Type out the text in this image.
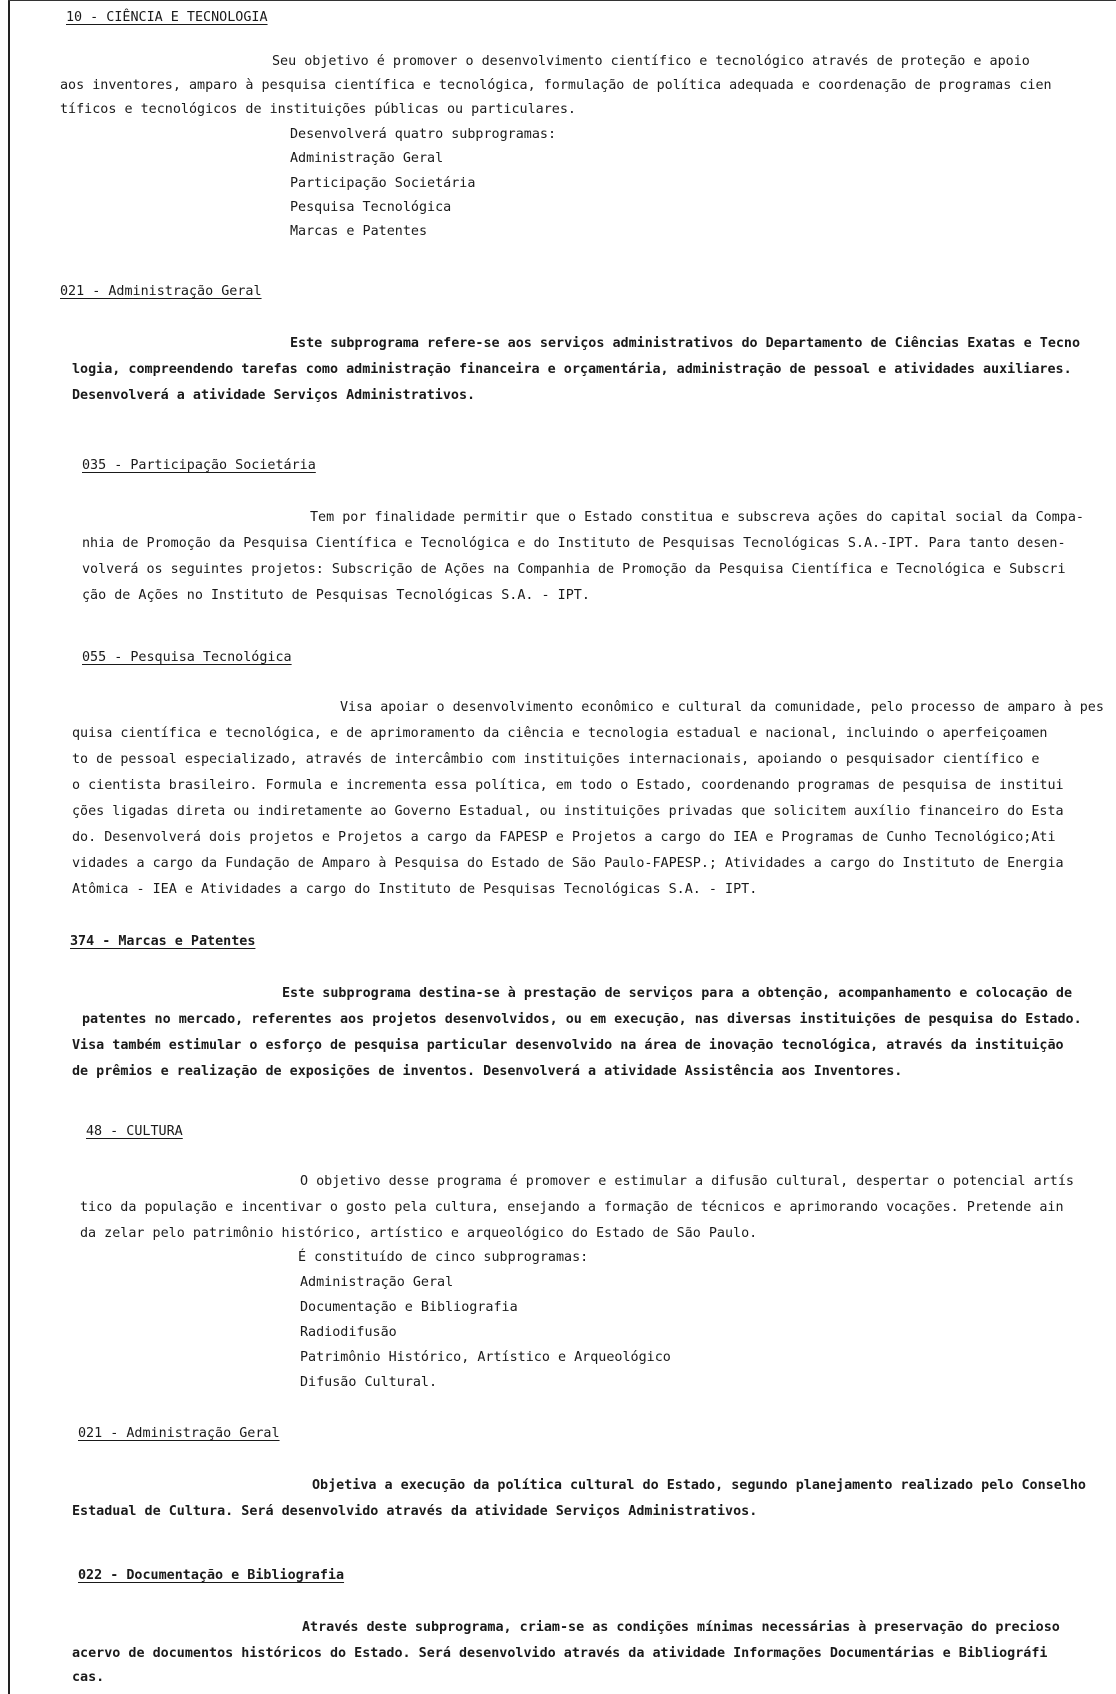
10 - CIÊNCIA E TECNOLOGIA
Seu objetivo é promover o desenvolvimento científico e tecnológico através de proteção e apoio
aos inventores, amparo à pesquisa científica e tecnológica, formulação de política adequada e coordenação de programas cien
tíficos e tecnológicos de instituições públicas ou particulares.
Desenvolverá quatro subprogramas:
Administração Geral
Participação Societária
Pesquisa Tecnológica
Marcas e Patentes
021 - Administração Geral
Este subprograma refere-se aos serviços administrativos do Departamento de Ciências Exatas e Tecno
logia, compreendendo tarefas como administração financeira e orçamentária, administração de pessoal e atividades auxiliares.
Desenvolverá a atividade Serviços Administrativos.
035 - Participação Societária
Tem por finalidade permitir que o Estado constitua e subscreva ações do capital social da Compa-
nhia de Promoção da Pesquisa Científica e Tecnológica e do Instituto de Pesquisas Tecnológicas S.A.-IPT. Para tanto desen-
volverá os seguintes projetos: Subscrição de Ações na Companhia de Promoção da Pesquisa Científica e Tecnológica e Subscri
ção de Ações no Instituto de Pesquisas Tecnológicas S.A. - IPT.
055 - Pesquisa Tecnológica
Visa apoiar o desenvolvimento econômico e cultural da comunidade, pelo processo de amparo à pes
quisa científica e tecnológica, e de aprimoramento da ciência e tecnologia estadual e nacional, incluindo o aperfeiçoamen
to de pessoal especializado, através de intercâmbio com instituições internacionais, apoiando o pesquisador científico e
o cientista brasileiro. Formula e incrementa essa política, em todo o Estado, coordenando programas de pesquisa de institui
ções ligadas direta ou indiretamente ao Governo Estadual, ou instituições privadas que solicitem auxílio financeiro do Esta
do. Desenvolverá dois projetos e Projetos a cargo da FAPESP e Projetos a cargo do IEA e Programas de Cunho Tecnológico;Ati
vidades a cargo da Fundação de Amparo à Pesquisa do Estado de São Paulo-FAPESP.; Atividades a cargo do Instituto de Energia
Atômica - IEA e Atividades a cargo do Instituto de Pesquisas Tecnológicas S.A. - IPT.
374 - Marcas e Patentes
Este subprograma destina-se à prestação de serviços para a obtenção, acompanhamento e colocação de
patentes no mercado, referentes aos projetos desenvolvidos, ou em execução, nas diversas instituições de pesquisa do Estado.
Visa também estimular o esforço de pesquisa particular desenvolvido na área de inovação tecnológica, através da instituição
de prêmios e realização de exposições de inventos. Desenvolverá a atividade Assistência aos Inventores.
48 - CULTURA
O objetivo desse programa é promover e estimular a difusão cultural, despertar o potencial artís
tico da população e incentivar o gosto pela cultura, ensejando a formação de técnicos e aprimorando vocações. Pretende ain
da zelar pelo patrimônio histórico, artístico e arqueológico do Estado de São Paulo.
É constituído de cinco subprogramas:
Administração Geral
Documentação e Bibliografia
Radiodifusão
Patrimônio Histórico, Artístico e Arqueológico
Difusão Cultural.
021 - Administração Geral
Objetiva a execução da política cultural do Estado, segundo planejamento realizado pelo Conselho
Estadual de Cultura. Será desenvolvido através da atividade Serviços Administrativos.
022 - Documentação e Bibliografia
Através deste subprograma, criam-se as condições mínimas necessárias à preservação do precioso
acervo de documentos históricos do Estado. Será desenvolvido através da atividade Informações Documentárias e Bibliográfi
cas.
